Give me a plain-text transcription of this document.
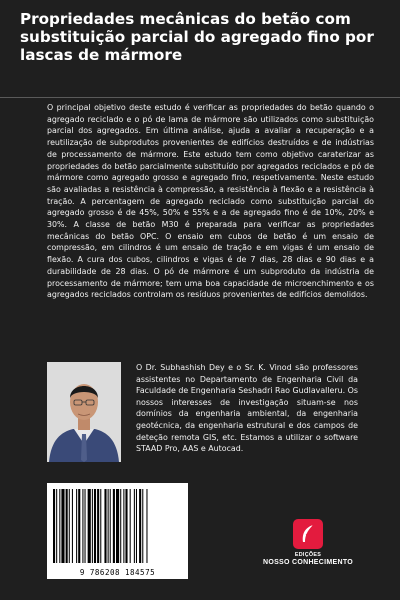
Propriedades mecânicas do betão com substituição parcial do agregado fino por lascas de mármore

O principal objetivo deste estudo é verificar as propriedades do betão quando o agregado reciclado e o pó de lama de mármore são utilizados como substituição parcial dos agregados. Em última análise, ajuda a avaliar a recuperação e a reutilização de subprodutos provenientes de edifícios destruídos e de indústrias de processamento de mármore. Este estudo tem como objetivo caraterizar as propriedades do betão parcialmente substituído por agregados reciclados e pó de mármore como agregado grosso e agregado fino, respetivamente. Neste estudo são avaliadas a resistência à compressão, a resistência à flexão e a resistência à tração. A percentagem de agregado reciclado como substituição parcial do agregado grosso é de 45%, 50% e 55% e a de agregado fino é de 10%, 20% e 30%. A classe de betão M30 é preparada para verificar as propriedades mecânicas do betão OPC. O ensaio em cubos de betão é um ensaio de compressão, em cilindros é um ensaio de tração e em vigas é um ensaio de flexão. A cura dos cubos, cilindros e vigas é de 7 dias, 28 dias e 90 dias e a durabilidade de 28 dias. O pó de mármore é um subproduto da indústria de processamento de mármore; tem uma boa capacidade de microenchimento e os agregados reciclados controlam os resíduos provenientes de edifícios demolidos.

O Dr. Subhashish Dey e o Sr. K. Vinod são professores assistentes no Departamento de Engenharia Civil da Faculdade de Engenharia Seshadri Rao Gudlavalleru. Os nossos interesses de investigação situam-se nos domínios da engenharia ambiental, da engenharia geotécnica, da engenharia estrutural e dos campos de deteção remota GIS, etc. Estamos a utilizar o software STAAD Pro, AAS e Autocad.

9 786208 184575
EDIÇÕES
NOSSO CONHECIMENTO
